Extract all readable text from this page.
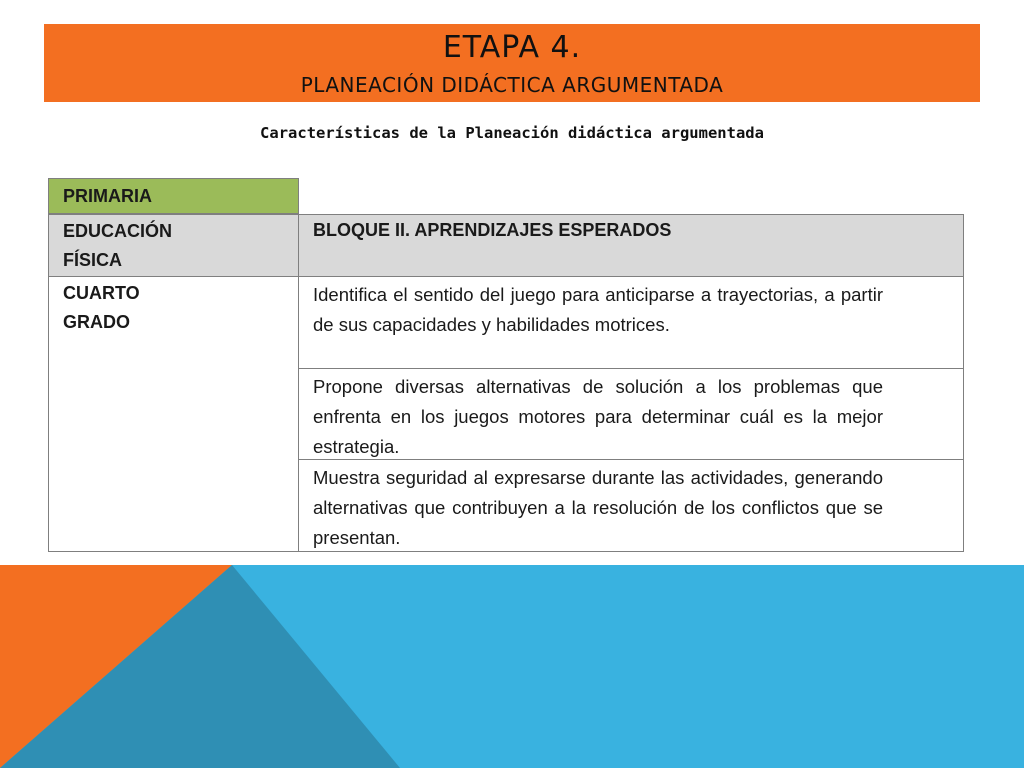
ETAPA 4.
PLANEACIÓN DIDÁCTICA ARGUMENTADA
Características de la Planeación didáctica argumentada
PRIMARIA
EDUCACIÓN
FÍSICA
BLOQUE II. APRENDIZAJES ESPERADOS
CUARTO
GRADO
Identifica el sentido del juego para anticiparse a trayectorias, a partir de sus capacidades y habilidades motrices.
Propone diversas alternativas de solución a los problemas que enfrenta en los juegos motores para determinar cuál es la mejor estrategia.
Muestra seguridad al expresarse durante las actividades, generando alternativas que contribuyen a la resolución de los conflictos que se presentan.
